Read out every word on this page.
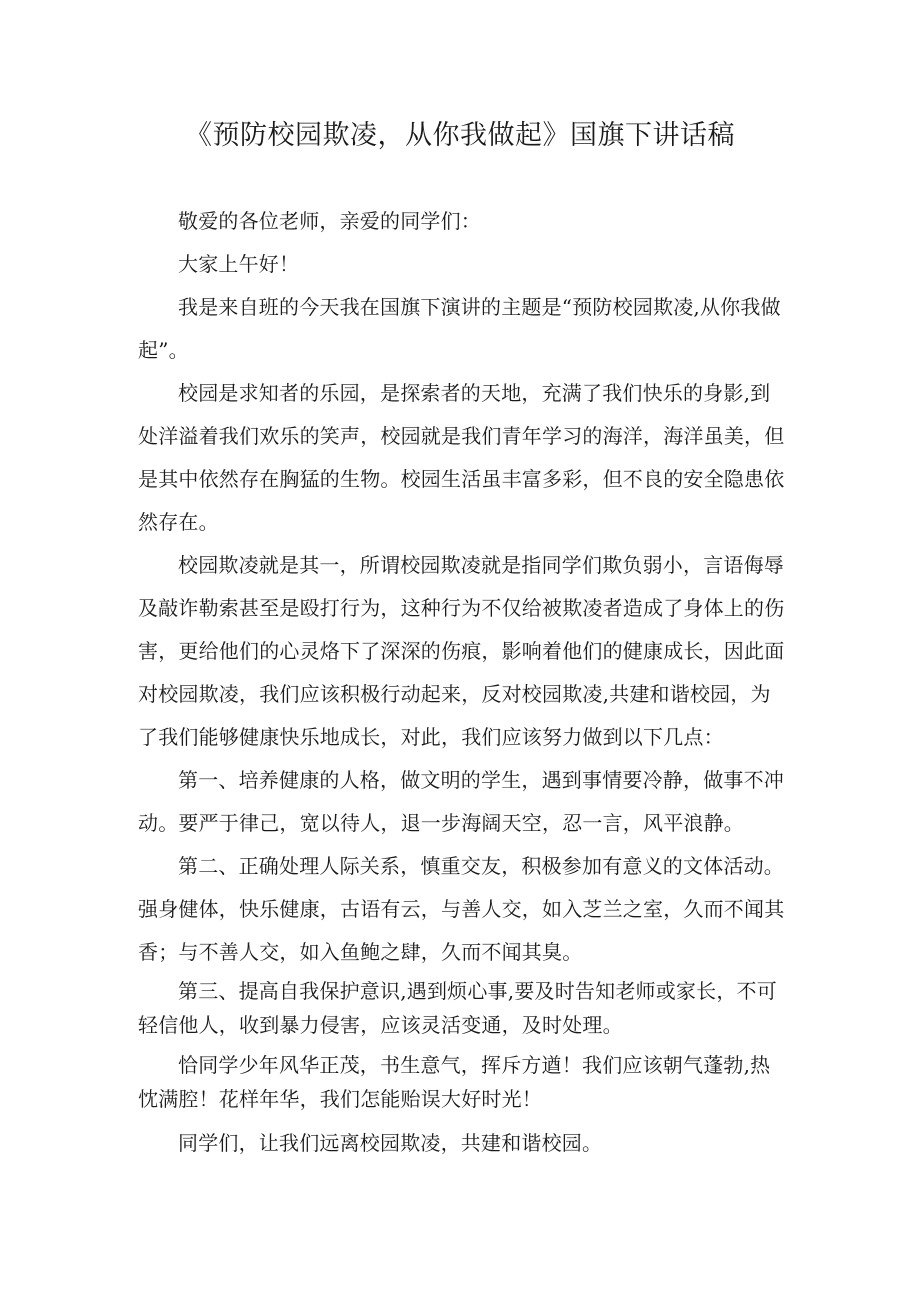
《预防校园欺凌，从你我做起》国旗下讲话稿

敬爱的各位老师，亲爱的同学们：

大家上午好！

我是来自班的今天我在国旗下演讲的主题是“预防校园欺凌,从你我做起”。

校园是求知者的乐园，是探索者的天地，充满了我们快乐的身影,到处洋溢着我们欢乐的笑声，校园就是我们青年学习的海洋，海洋虽美，但是其中依然存在胸猛的生物。校园生活虽丰富多彩，但不良的安全隐患依然存在。

校园欺凌就是其一，所谓校园欺凌就是指同学们欺负弱小，言语侮辱及敲诈勒索甚至是殴打行为，这种行为不仅给被欺凌者造成了身体上的伤害，更给他们的心灵烙下了深深的伤痕，影响着他们的健康成长，因此面对校园欺凌，我们应该积极行动起来，反对校园欺凌,共建和谐校园，为了我们能够健康快乐地成长，对此，我们应该努力做到以下几点：

第一、培养健康的人格，做文明的学生，遇到事情要冷静，做事不冲动。要严于律己，宽以待人，退一步海阔天空，忍一言，风平浪静。

第二、正确处理人际关系，慎重交友，积极参加有意义的文体活动。强身健体，快乐健康，古语有云，与善人交，如入芝兰之室，久而不闻其香；与不善人交，如入鱼鲍之肆，久而不闻其臭。

第三、提高自我保护意识,遇到烦心事,要及时告知老师或家长，不可轻信他人，收到暴力侵害，应该灵活变通，及时处理。

恰同学少年风华正茂，书生意气，挥斥方遒！我们应该朝气蓬勃,热忱满腔！花样年华，我们怎能贻误大好时光！

同学们，让我们远离校园欺凌，共建和谐校园。
